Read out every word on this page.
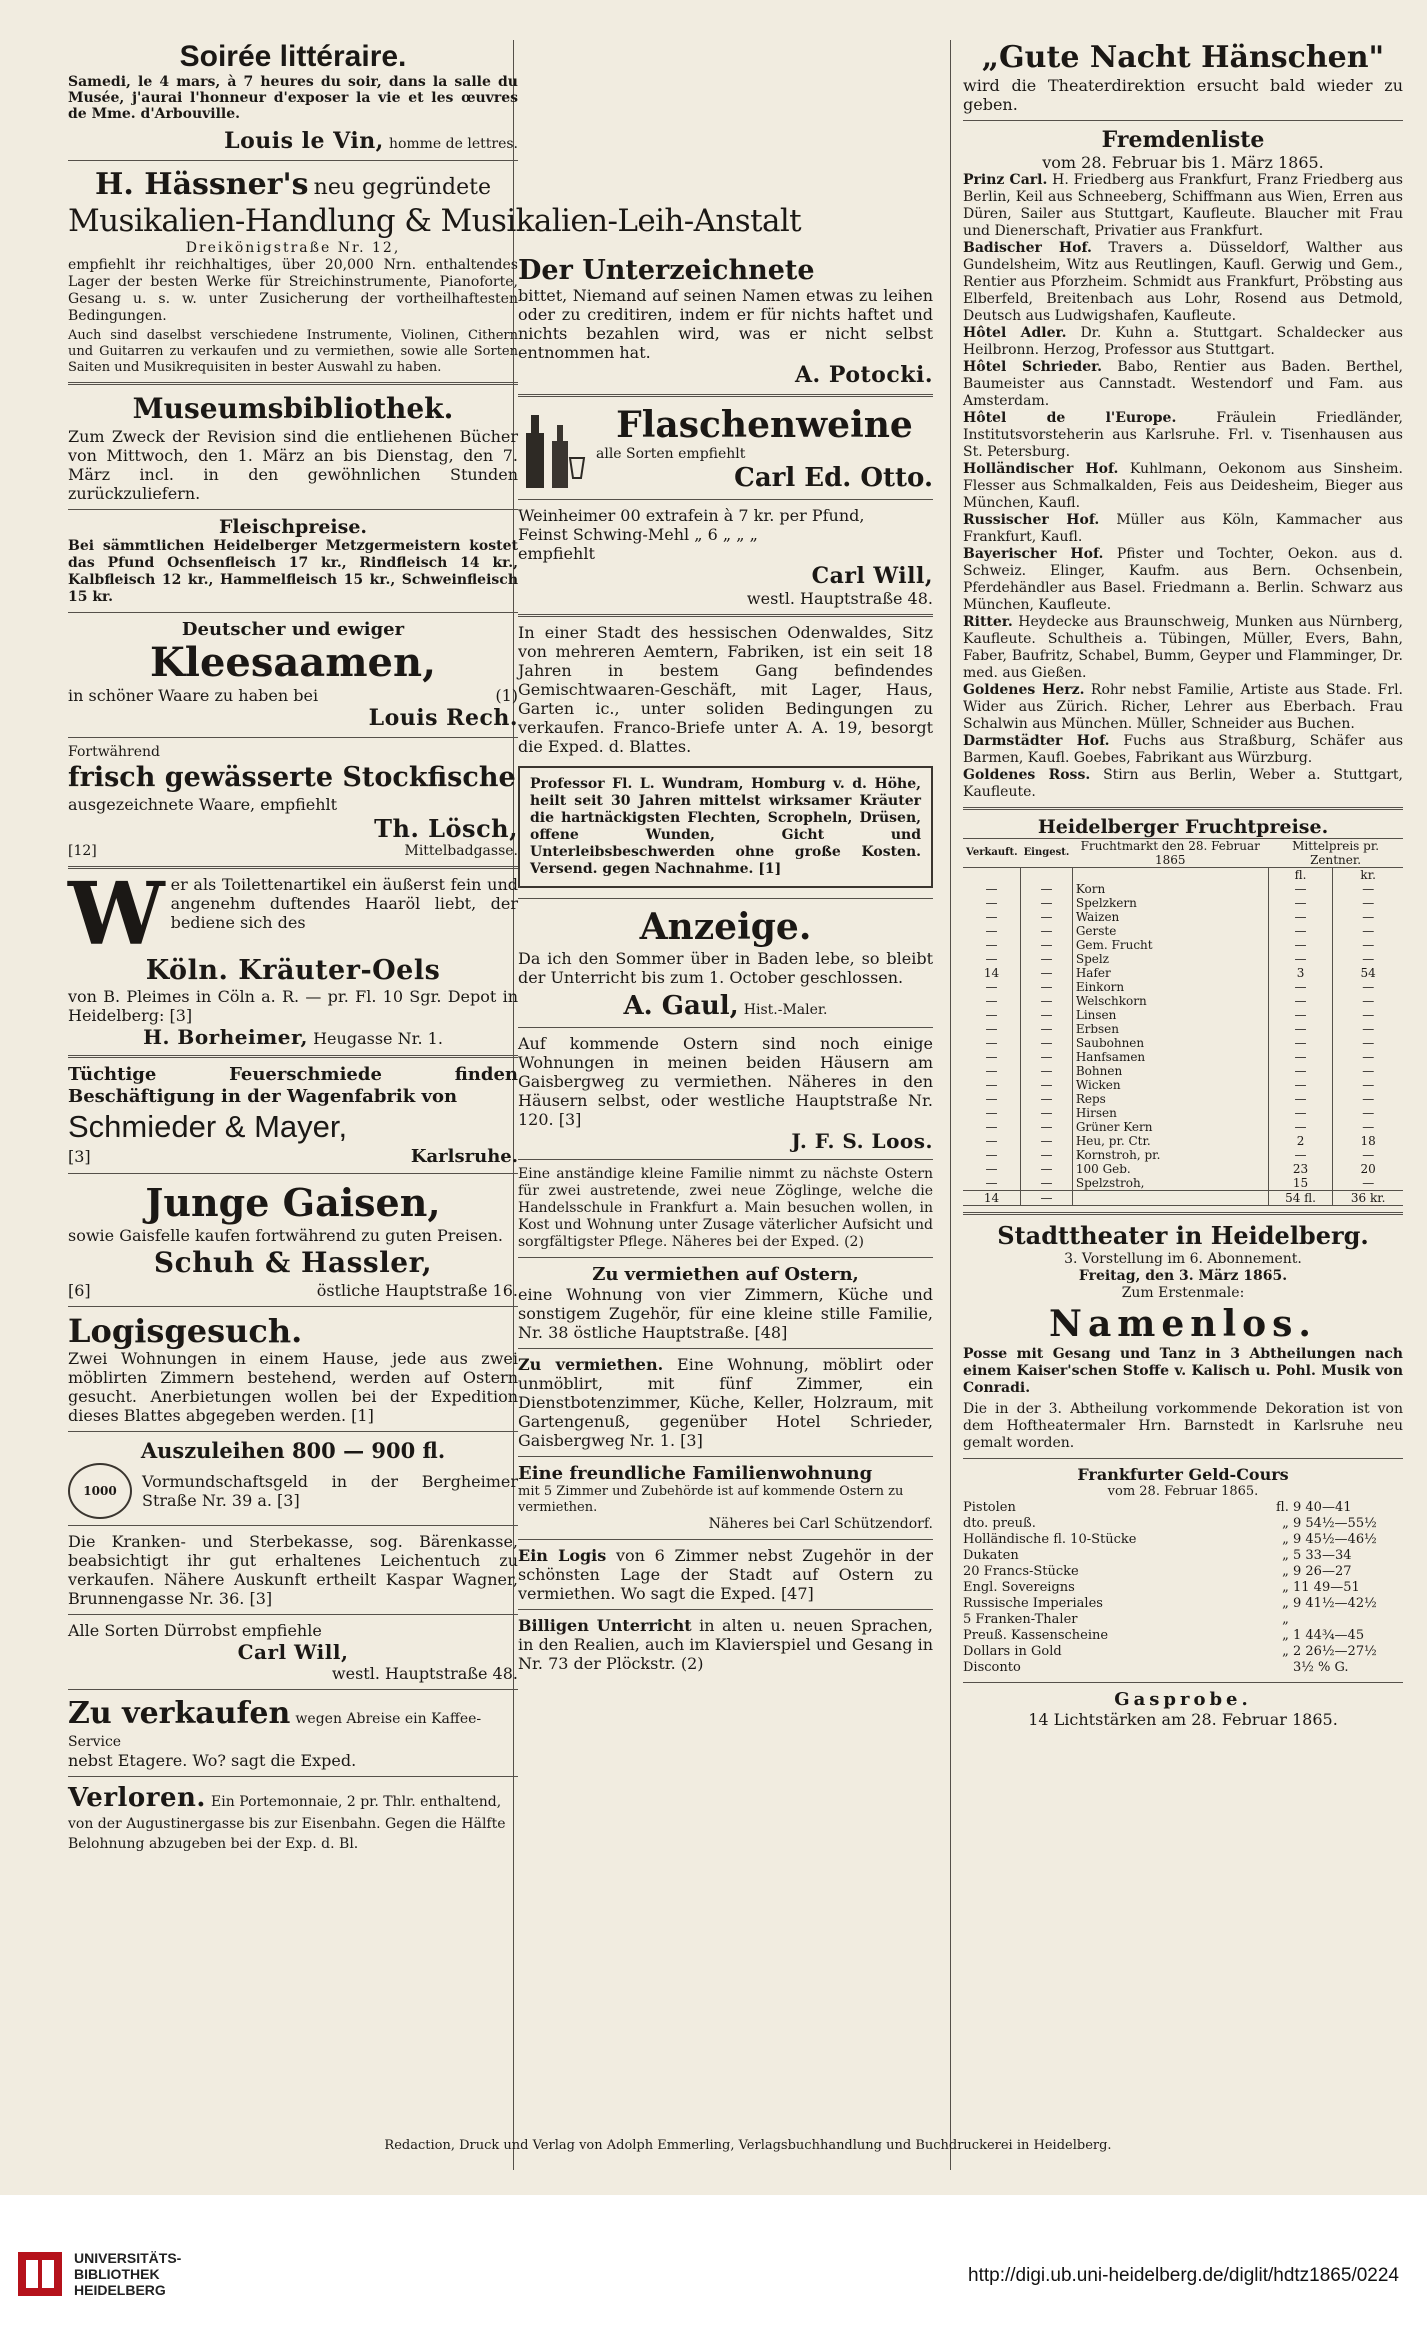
Soirée littéraire.

Samedi, le 4 mars, à 7 heures du soir, dans la salle du Musée, j'aurai l'honneur d'exposer la vie et les œuvres de Mme. d'Arbouville.

Louis le Vin, homme de lettres.

H. Hässner's neu gegründete

Musikalien-Handlung & Musikalien-Leih-Anstalt

Dreikönigstraße Nr. 12,

empfiehlt ihr reichhaltiges, über 20,000 Nrn. enthaltendes Lager der besten Werke für Streichinstrumente, Pianoforte, Gesang u. s. w. unter Zusicherung der vortheilhaftesten Bedingungen.

Auch sind daselbst verschiedene Instrumente, Violinen, Cithern und Guitarren zu verkaufen und zu vermiethen, sowie alle Sorten Saiten und Musikrequisiten in bester Auswahl zu haben.

Museumsbibliothek.

Zum Zweck der Revision sind die entliehenen Bücher von Mittwoch, den 1. März an bis Dienstag, den 7. März incl. in den gewöhnlichen Stunden zurückzuliefern.

Fleischpreise.

Bei sämmtlichen Heidelberger Metzgermeistern kostet das Pfund Ochsenfleisch 17 kr., Rindfleisch 14 kr., Kalbfleisch 12 kr., Hammelfleisch 15 kr., Schweinfleisch 15 kr.

Deutscher und ewiger

Kleesaamen,

in schöner Waare zu haben bei	(1)

Louis Rech.

Fortwährend

frisch gewässerte Stockfische

ausgezeichnete Waare, empfiehlt

Th. Lösch,

[12]	Mittelbadgasse.

W er als Toilettenartikel ein äußerst fein und angenehm duftendes Haaröl liebt, der bediene sich des

Köln. Kräuter-Oels

von B. Pleimes in Cöln a. R. — pr. Fl. 10 Sgr. Depot in Heidelberg: [3]

H. Borheimer, Heugasse Nr. 1.

Tüchtige Feuerschmiede finden Beschäftigung in der Wagenfabrik von

Schmieder & Mayer,

[3]	Karlsruhe.

Junge Gaisen,

sowie Gaisfelle kaufen fortwährend zu guten Preisen.

Schuh & Hassler,

[6]	östliche Hauptstraße 16.

Logisgesuch.

Zwei Wohnungen in einem Hause, jede aus zwei möblirten Zimmern bestehend, werden auf Ostern gesucht. Anerbietungen wollen bei der Expedition dieses Blattes abgegeben werden. [1]

Auszuleihen 800 — 900 fl.

1000 Vormundschaftsgeld in der Bergheimer Straße Nr. 39 a. [3]

Die Kranken- und Sterbekasse, sog. Bärenkasse, beabsichtigt ihr gut erhaltenes Leichentuch zu verkaufen. Nähere Auskunft ertheilt Kaspar Wagner, Brunnengasse Nr. 36. [3]

Alle Sorten Dürrobst empfiehle

Carl Will,

westl. Hauptstraße 48.

Zu verkaufen wegen Abreise ein Kaffee-Service

nebst Etagere. Wo? sagt die Exped.

Verloren. Ein Portemonnaie, 2 pr. Thlr. enthaltend, von der Augustinergasse bis zur Eisenbahn. Gegen die Hälfte Belohnung abzugeben bei der Exp. d. Bl.

Der Unterzeichnete

bittet, Niemand auf seinen Namen etwas zu leihen oder zu creditiren, indem er für nichts haftet und nichts bezahlen wird, was er nicht selbst entnommen hat.

A. Potocki.

Flaschenweine

alle Sorten empfiehlt

Carl Ed. Otto.

Weinheimer 00 extrafein à 7 kr. per Pfund,

Feinst Schwing-Mehl „ 6 „ „ „

empfiehlt

Carl Will,

westl. Hauptstraße 48.

In einer Stadt des hessischen Odenwaldes, Sitz von mehreren Aemtern, Fabriken, ist ein seit 18 Jahren in bestem Gang befindendes Gemischtwaaren-Geschäft, mit Lager, Haus, Garten ic., unter soliden Bedingungen zu verkaufen. Franco-Briefe unter A. A. 19, besorgt die Exped. d. Blattes.

Professor Fl. L. Wundram, Homburg v. d. Höhe, heilt seit 30 Jahren mittelst wirksamer Kräuter die hartnäckigsten Flechten, Scropheln, Drüsen, offene Wunden, Gicht und Unterleibsbeschwerden ohne große Kosten. Versend. gegen Nachnahme. [1]

Anzeige.

Da ich den Sommer über in Baden lebe, so bleibt der Unterricht bis zum 1. October geschlossen.

A. Gaul, Hist.-Maler.

Auf kommende Ostern sind noch einige Wohnungen in meinen beiden Häusern am Gaisbergweg zu vermiethen. Näheres in den Häusern selbst, oder westliche Hauptstraße Nr. 120. [3]

J. F. S. Loos.

Eine anständige kleine Familie nimmt zu nächste Ostern für zwei austretende, zwei neue Zöglinge, welche die Handelsschule in Frankfurt a. Main besuchen wollen, in Kost und Wohnung unter Zusage väterlicher Aufsicht und sorgfältigster Pflege. Näheres bei der Exped. (2)

Zu vermiethen auf Ostern,

eine Wohnung von vier Zimmern, Küche und sonstigem Zugehör, für eine kleine stille Familie, Nr. 38 östliche Hauptstraße. [48]

Zu vermiethen. Eine Wohnung, möblirt oder unmöblirt, mit fünf Zimmer, ein Dienstbotenzimmer, Küche, Keller, Holzraum, mit Gartengenuß, gegenüber Hotel Schrieder, Gaisbergweg Nr. 1. [3]

Eine freundliche Familienwohnung

mit 5 Zimmer und Zubehörde ist auf kommende Ostern zu vermiethen.

Näheres bei Carl Schützendorf.

Ein Logis von 6 Zimmer nebst Zugehör in der schönsten Lage der Stadt auf Ostern zu vermiethen. Wo sagt die Exped. [47]

Billigen Unterricht in alten u. neuen Sprachen, in den Realien, auch im Klavierspiel und Gesang in Nr. 73 der Plöckstr. (2)

„Gute Nacht Hänschen"

wird die Theaterdirektion ersucht bald wieder zu geben.

Fremdenliste

vom 28. Februar bis 1. März 1865.

Prinz Carl. H. Friedberg aus Frankfurt, Franz Friedberg aus Berlin, Keil aus Schneeberg, Schiffmann aus Wien, Erren aus Düren, Sailer aus Stuttgart, Kaufleute. Blaucher mit Frau und Dienerschaft, Privatier aus Frankfurt.

Badischer Hof. Travers a. Düsseldorf, Walther aus Gundelsheim, Witz aus Reutlingen, Kaufl. Gerwig und Gem., Rentier aus Pforzheim. Schmidt aus Frankfurt, Pröbsting aus Elberfeld, Breitenbach aus Lohr, Rosend aus Detmold, Deutsch aus Ludwigshafen, Kaufleute.

Hôtel Adler. Dr. Kuhn a. Stuttgart. Schaldecker aus Heilbronn. Herzog, Professor aus Stuttgart.

Hôtel Schrieder. Babo, Rentier aus Baden. Berthel, Baumeister aus Cannstadt. Westendorf und Fam. aus Amsterdam.

Hôtel de l'Europe.	Fräulein Friedländer, Institutsvorsteherin aus Karlsruhe. Frl. v. Tisenhausen aus St. Petersburg.

Holländischer Hof. Kuhlmann, Oekonom aus Sinsheim. Flesser aus Schmalkalden, Feis aus Deidesheim, Bieger aus München, Kaufl.

Russischer Hof. Müller aus Köln, Kammacher aus Frankfurt, Kaufl.

Bayerischer Hof. Pfister und Tochter, Oekon. aus d. Schweiz. Elinger, Kaufm. aus Bern. Ochsenbein, Pferdehändler aus Basel. Friedmann a. Berlin. Schwarz aus München, Kaufleute.

Ritter. Heydecke aus Braunschweig, Munken aus Nürnberg, Kaufleute. Schultheis a. Tübingen, Müller, Evers, Bahn, Faber, Baufritz, Schabel, Bumm, Geyper und Flamminger, Dr. med. aus Gießen.

Goldenes Herz. Rohr nebst Familie, Artiste aus Stade. Frl. Wider aus Zürich. Richer, Lehrer aus Eberbach. Frau Schalwin aus München. Müller, Schneider aus Buchen.

Darmstädter Hof. Fuchs aus Straßburg, Schäfer aus Barmen, Kaufl. Goebes, Fabrikant aus Würzburg.

Goldenes Ross. Stirn aus Berlin, Weber a. Stuttgart, Kaufleute.

Heidelberger Fruchtpreise.

Verkauft.	Eingest.	Fruchtmarkt den 28. Februar 1865	Mittelpreis pr. Zentner.	
			fl.	kr.
—	—	Korn	—	—
—	—	Spelzkern	—	—
—	—	Waizen	—	—
—	—	Gerste	—	—
—	—	Gem. Frucht	—	—
—	—	Spelz	—	—
14	—	Hafer	3	54
—	—	Einkorn	—	—
—	—	Welschkorn	—	—
—	—	Linsen	—	—
—	—	Erbsen	—	—
—	—	Saubohnen	—	—
—	—	Hanfsamen	—	—
—	—	Bohnen	—	—
—	—	Wicken	—	—
—	—	Reps	—	—
—	—	Hirsen	—	—
—	—	Grüner Kern	—	—
—	—	Heu, pr. Ctr.	2	18
—	—	Kornstroh, pr.	—	—
—	—	100 Geb.	23	20
—	—	Spelzstroh,	15	—
14	—		54 fl.	36 kr.

Stadttheater in Heidelberg.

3. Vorstellung im 6. Abonnement.

Freitag, den 3. März 1865.

Zum Erstenmale:

Namenlos.

Posse mit Gesang und Tanz in 3 Abtheilungen nach einem Kaiser'schen Stoffe v. Kalisch u. Pohl. Musik von Conradi.

Die in der 3. Abtheilung vorkommende Dekoration ist von dem Hoftheatermaler Hrn. Barnstedt in Karlsruhe neu gemalt worden.

Frankfurter Geld-Cours

vom 28. Februar 1865.

Pistolen	fl. 9 40—41
dto. preuß.	„ 9 54½—55½
Holländische fl. 10-Stücke	„ 9 45½—46½
Dukaten	„ 5 33—34
20 Francs-Stücke	„ 9 26—27
Engl. Sovereigns	„ 11 49—51
Russische Imperiales	„ 9 41½—42½
5 Franken-Thaler	„
Preuß. Kassenscheine	„ 1 44¾—45
Dollars in Gold	„ 2 26½—27½
Disconto	3½ % G.

Gasprobe.

14 Lichtstärken am 28. Februar 1865.

Redaction, Druck und Verlag von Adolph Emmerling, Verlagsbuchhandlung und Buchdruckerei in Heidelberg.
UNIVERSITÄTS-
BIBLIOTHEK
HEIDELBERG
http://digi.ub.uni-heidelberg.de/diglit/hdtz1865/0224
